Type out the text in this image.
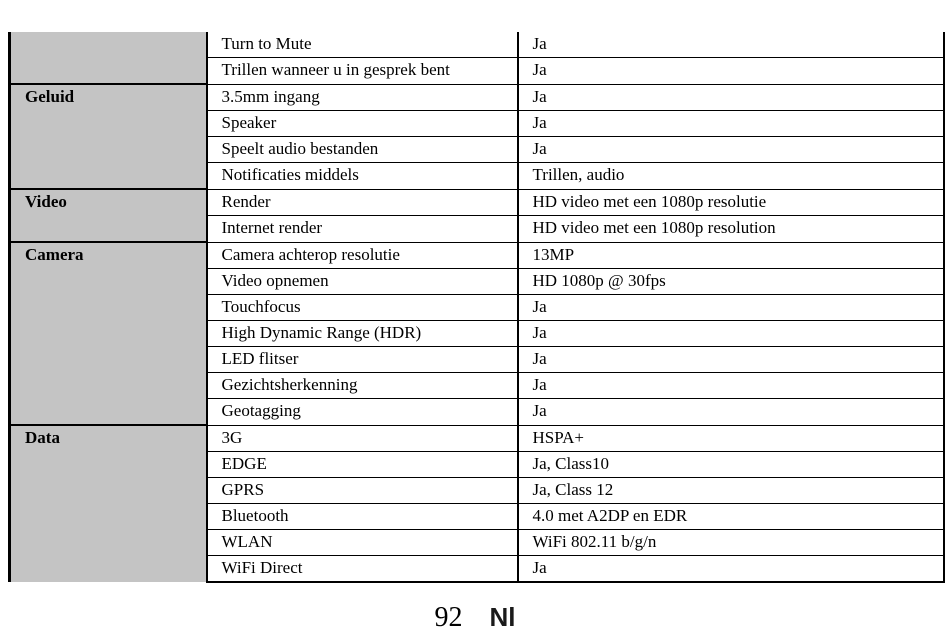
	Turn to Mute	Ja
	Trillen wanneer u in gesprek bent	Ja
Geluid	3.5mm ingang	Ja
	Speaker	Ja
	Speelt audio bestanden	Ja
	Notificaties middels	Trillen, audio
Video	Render	HD video met een 1080p resolutie
	Internet render	HD video met een 1080p resolution
Camera	Camera achterop resolutie	13MP
	Video opnemen	HD 1080p @ 30fps
	Touchfocus	Ja
	High Dynamic Range (HDR)	Ja
	LED flitser	Ja
	Gezichtsherkenning	Ja
	Geotagging	Ja
Data	3G	HSPA+
	EDGE	Ja, Class10
	GPRS	Ja, Class 12
	Bluetooth	4.0 met A2DP en EDR
	WLAN	WiFi 802.11 b/g/n
	WiFi Direct	Ja
92 Nl
